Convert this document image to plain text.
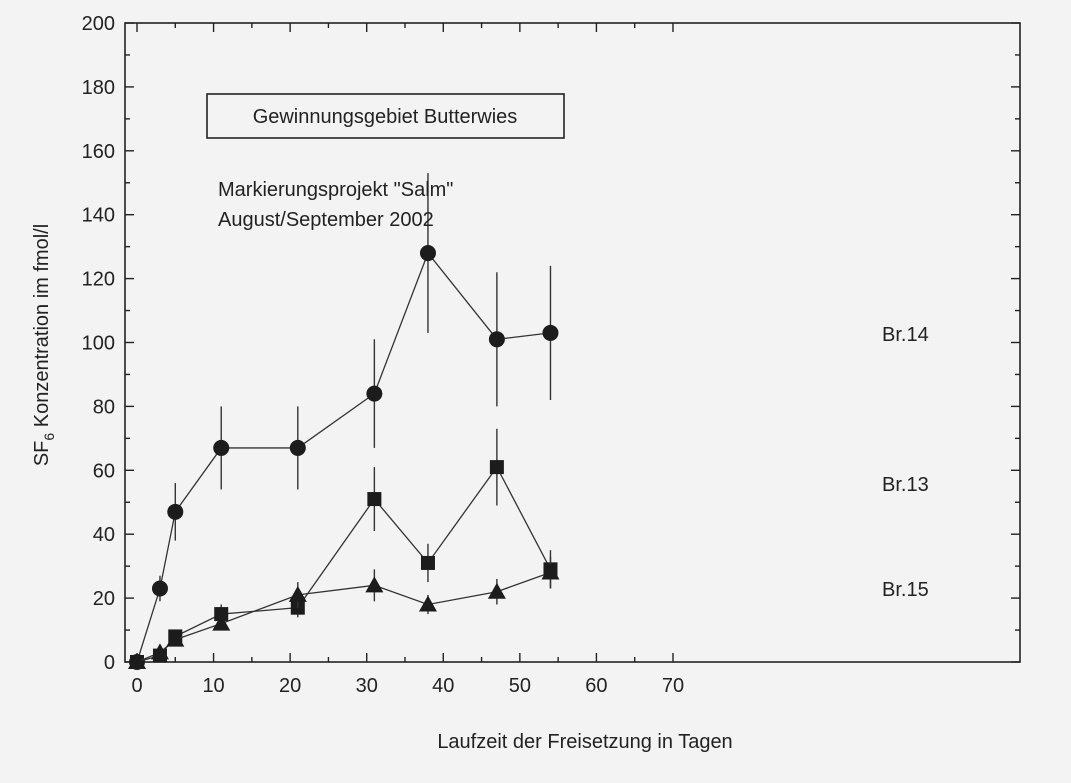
0	10	20	30	40	50	60	70
0
20
40
60
80
100
120
140
160
180
200
Gewinnungsgebiet Butterwies
Markierungsprojekt "Salm"
August/September 2002
Laufzeit der Freisetzung in Tagen
$SF_6$ Konzentration im fmol/l	Br.14
Br.13
Br.15
